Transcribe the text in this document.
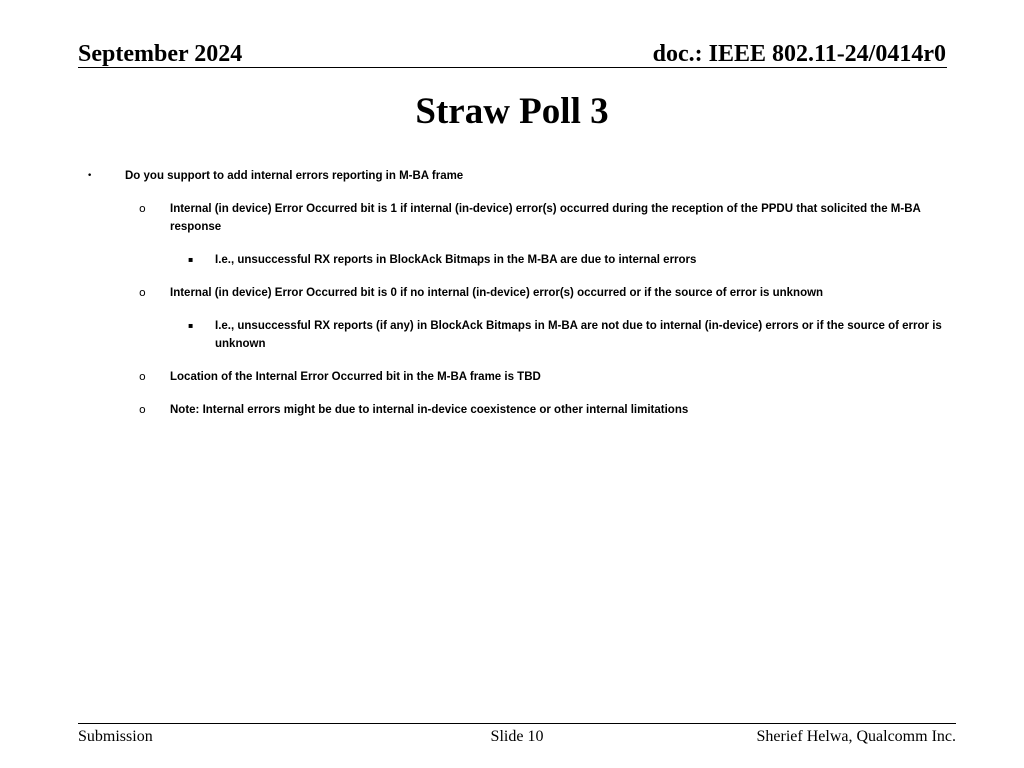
September 2024	doc.: IEEE 802.11-24/0414r0
Straw Poll 3
•	Do you support to add internal errors reporting in M-BA frame
o Internal (in device) Error Occurred bit is 1 if internal (in-device) error(s) occurred during the reception of the PPDU that solicited the M-BA response
▪ I.e., unsuccessful RX reports in BlockAck Bitmaps in the M-BA are due to internal errors
o Internal (in device) Error Occurred bit is 0 if no internal (in-device) error(s) occurred or if the source of error is unknown
▪ I.e., unsuccessful RX reports (if any) in BlockAck Bitmaps in M-BA are not due to internal (in-device) errors or if the source of error is unknown
o Location of the Internal Error Occurred bit in the M-BA frame is TBD
o Note: Internal errors might be due to internal in-device coexistence or other internal limitations
Submission	Slide 10	Sherief Helwa, Qualcomm Inc.
